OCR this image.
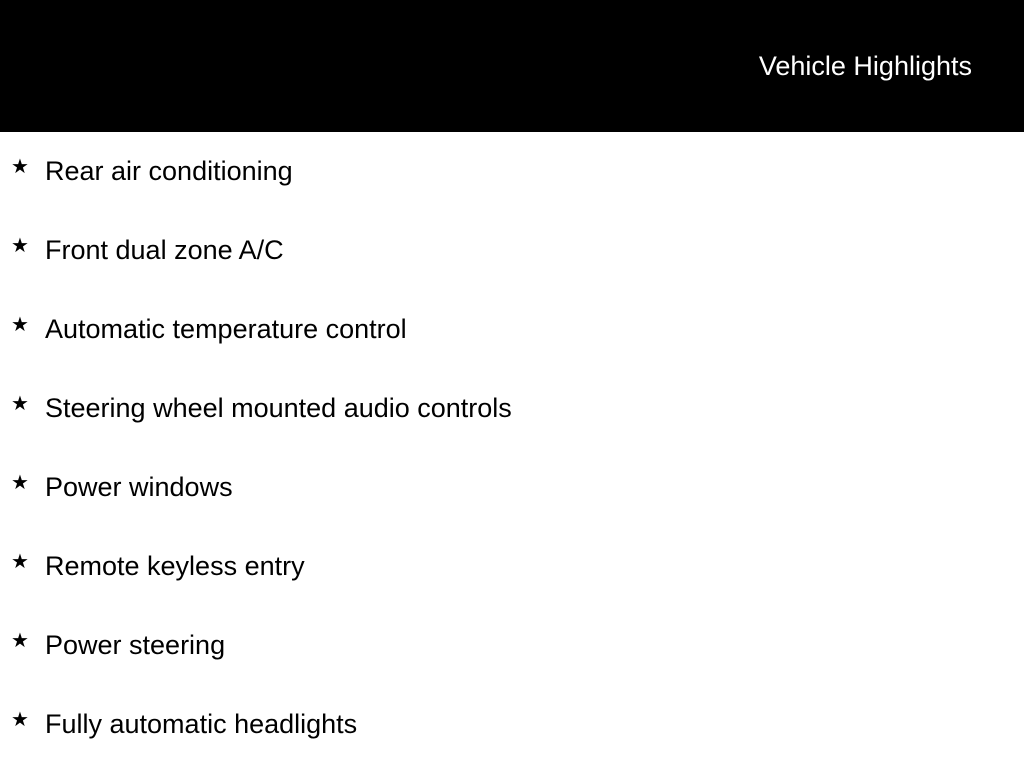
Vehicle Highlights
★ Rear air conditioning
★ Front dual zone A/C
★ Automatic temperature control
★ Steering wheel mounted audio controls
★ Power windows
★ Remote keyless entry
★ Power steering
★ Fully automatic headlights
